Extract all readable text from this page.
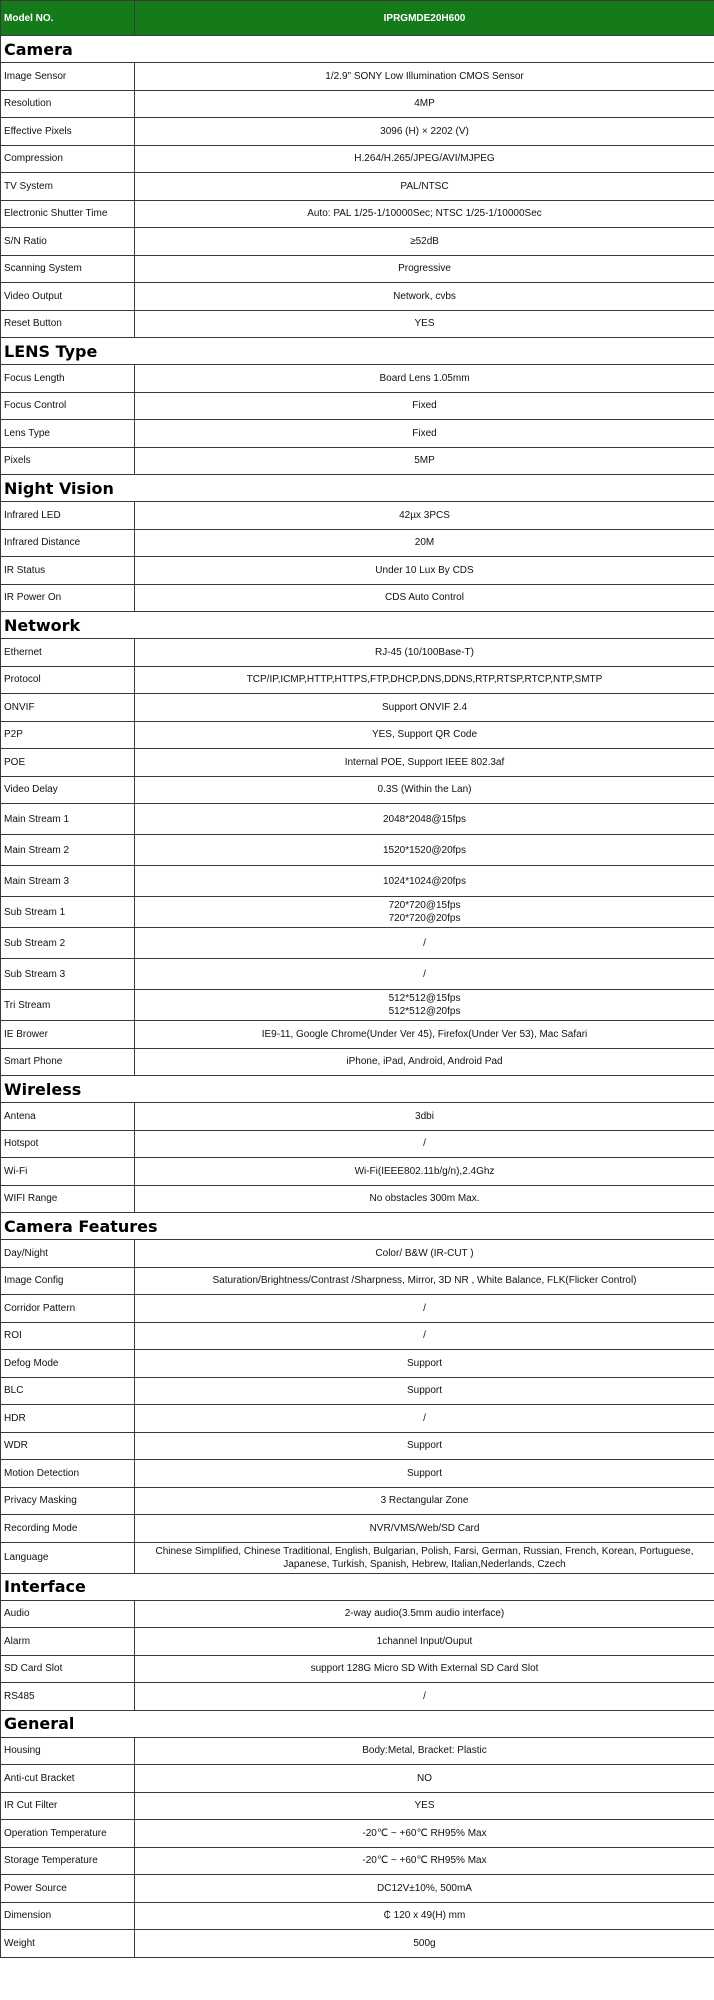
Model NO.	IPRGMDE20H600
Camera	
Image Sensor	1/2.9" SONY Low Illumination CMOS Sensor
Resolution	4MP
Effective Pixels	3096 (H) × 2202 (V)
Compression	H.264/H.265/JPEG/AVI/MJPEG
TV System	PAL/NTSC
Electronic Shutter Time	Auto: PAL 1/25-1/10000Sec; NTSC 1/25-1/10000Sec
S/N Ratio	≥52dB
Scanning System	Progressive
Video Output	Network, cvbs
Reset Button	YES
LENS Type	
Focus Length	Board Lens 1.05mm
Focus Control	Fixed
Lens Type	Fixed
Pixels	5MP
Night Vision	
Infrared LED	42µx 3PCS
Infrared Distance	20M
IR Status	Under 10 Lux By CDS
IR Power On	CDS Auto Control
Network	
Ethernet	RJ-45 (10/100Base-T)
Protocol	TCP/IP,ICMP,HTTP,HTTPS,FTP,DHCP,DNS,DDNS,RTP,RTSP,RTCP,NTP,SMTP
ONVIF	Support ONVIF 2.4
P2P	YES, Support QR Code
POE	Internal POE, Support IEEE 802.3af
Video Delay	0.3S (Within the Lan)
Main Stream 1	2048*2048@15fps
Main Stream 2	1520*1520@20fps
Main Stream 3	1024*1024@20fps
Sub Stream 1	720*720@15fps
720*720@20fps
Sub Stream 2	/
Sub Stream 3	/
Tri Stream	512*512@15fps
512*512@20fps
IE Brower	IE9-11, Google Chrome(Under Ver 45), Firefox(Under Ver 53), Mac Safari
Smart Phone	iPhone, iPad, Android, Android Pad
Wireless	
Antena	3dbi
Hotspot	/
Wi-Fi	Wi-Fi(IEEE802.11b/g/n),2.4Ghz
WIFI Range	No obstacles 300m Max.
Camera Features	
Day/Night	Color/ B&W (IR-CUT )
Image Config	Saturation/Brightness/Contrast /Sharpness, Mirror, 3D NR , White Balance, FLK(Flicker Control)
Corridor Pattern	/
ROI	/
Defog Mode	Support
BLC	Support
HDR	/
WDR	Support
Motion Detection	Support
Privacy Masking	3 Rectangular Zone
Recording Mode	NVR/VMS/Web/SD Card
Language	Chinese Simplified, Chinese Traditional, English, Bulgarian, Polish, Farsi, German, Russian, French, Korean, Portuguese,
Japanese, Turkish, Spanish, Hebrew, Italian,Nederlands, Czech
Interface	
Audio	2-way audio(3.5mm audio interface)
Alarm	1channel Input/Ouput
SD Card Slot	support 128G Micro SD With External SD Card Slot
RS485	/
General	
Housing	Body:Metal, Bracket: Plastic
Anti-cut Bracket	NO
IR Cut Filter	YES
Operation Temperature	-20℃ ~ +60℃ RH95% Max
Storage Temperature	-20℃ ~ +60℃ RH95% Max
Power Source	DC12V±10%, 500mA
Dimension	₵ 120 x 49(H) mm
Weight	500g
